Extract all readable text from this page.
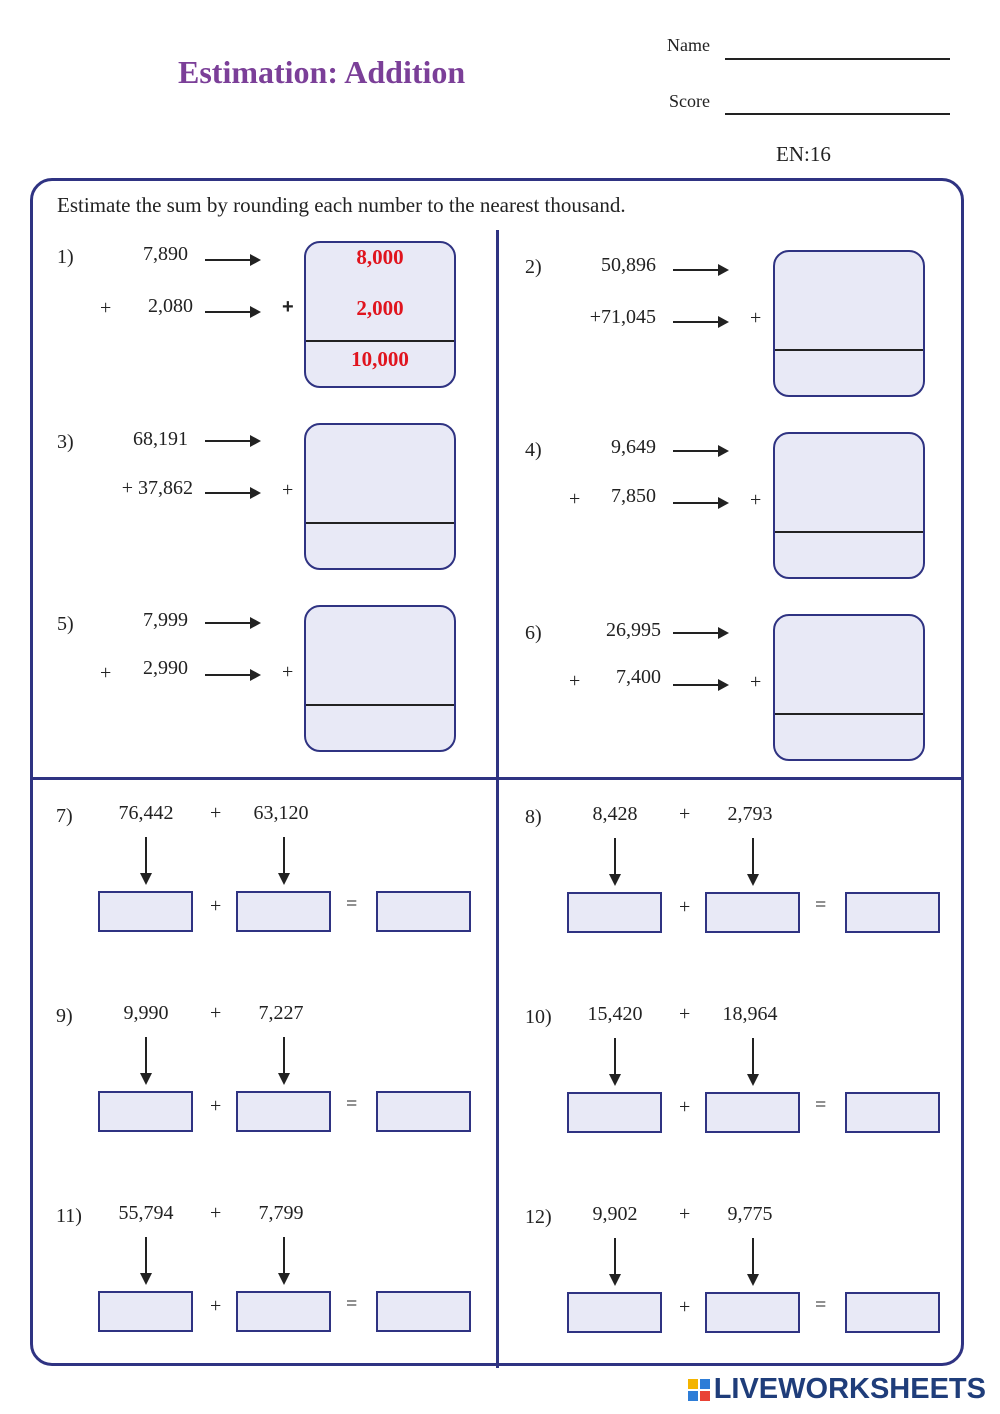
Estimation: Addition
Name
Score
EN:16
Estimate the sum by rounding each number to the nearest thousand.
1)	7,890
+	2,080	+
8,000
2,000
10,000
2)	50,896
+71,045	+
3)	68,191
+ 37,862	+
4)	9,649
+	7,850	+
5)	7,999
+	2,990	+
6)	26,995
+	7,400	+
7)	76,442	+	63,120
+	=
8)	8,428	+	2,793
+	=
9)	9,990	+	7,227
+	=
10)	15,420	+	18,964
+	=
11)	55,794	+	7,799
+	=
12)	9,902	+	9,775
+	=
LIVEWORKSHEETS
